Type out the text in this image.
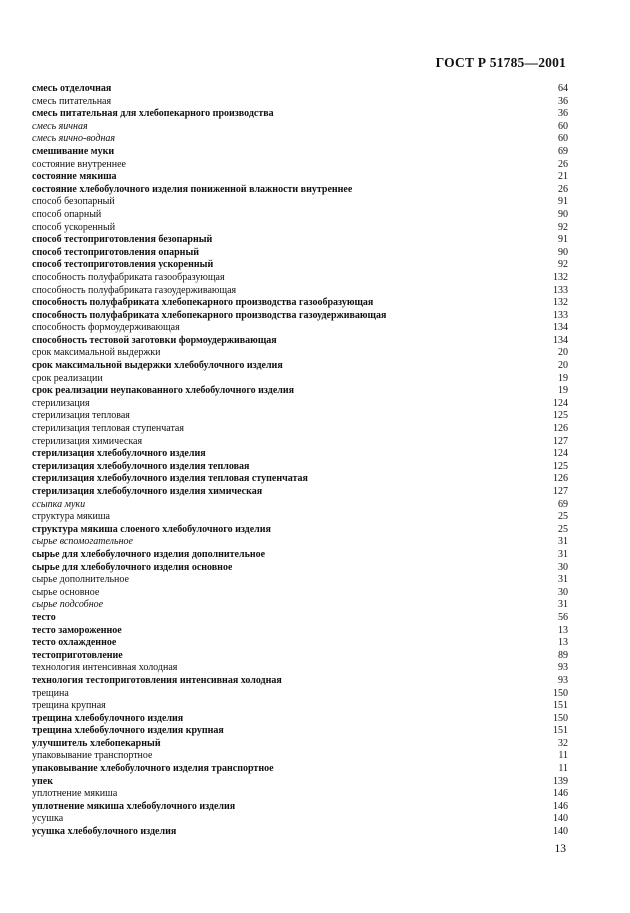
ГОСТ Р 51785—2001
смесь отделочная	64
смесь питательная	36
смесь питательная для хлебопекарного производства	36
смесь яичная	60
смесь яично-водная	60
смешивание муки	69
состояние внутреннее	26
состояние мякиша	21
состояние хлебобулочного изделия пониженной влажности внутреннее	26
способ безопарный	91
способ опарный	90
способ ускоренный	92
способ тестоприготовления безопарный	91
способ тестоприготовления опарный	90
способ тестоприготовления ускоренный	92
способность полуфабриката газообразующая	132
способность полуфабриката газоудерживающая	133
способность полуфабриката хлебопекарного производства газообразующая	132
способность полуфабриката хлебопекарного производства газоудерживающая	133
способность формоудерживающая	134
способность тестовой заготовки формоудерживающая	134
срок максимальной выдержки	20
срок максимальной выдержки хлебобулочного изделия	20
срок реализации	19
срок реализации неупакованного хлебобулочного изделия	19
стерилизация	124
стерилизация тепловая	125
стерилизация тепловая ступенчатая	126
стерилизация химическая	127
стерилизация хлебобулочного изделия	124
стерилизация хлебобулочного изделия тепловая	125
стерилизация хлебобулочного изделия тепловая ступенчатая	126
стерилизация хлебобулочного изделия химическая	127
ссыпка муки	69
структура мякиша	25
структура мякиша слоеного хлебобулочного изделия	25
сырье вспомогательное	31
сырье для хлебобулочного изделия дополнительное	31
сырье для хлебобулочного изделия основное	30
сырье дополнительное	31
сырье основное	30
сырье подсобное	31
тесто	56
тесто замороженное	13
тесто охлажденное	13
тестоприготовление	89
технология интенсивная холодная	93
технология тестоприготовления интенсивная холодная	93
трещина	150
трещина крупная	151
трещина хлебобулочного изделия	150
трещина хлебобулочного изделия крупная	151
улучшитель хлебопекарный	32
упаковывание транспортное	11
упаковывание хлебобулочного изделия транспортное	11
упек	139
уплотнение мякиша	146
уплотнение мякиша хлебобулочного изделия	146
усушка	140
усушка хлебобулочного изделия	140
13
